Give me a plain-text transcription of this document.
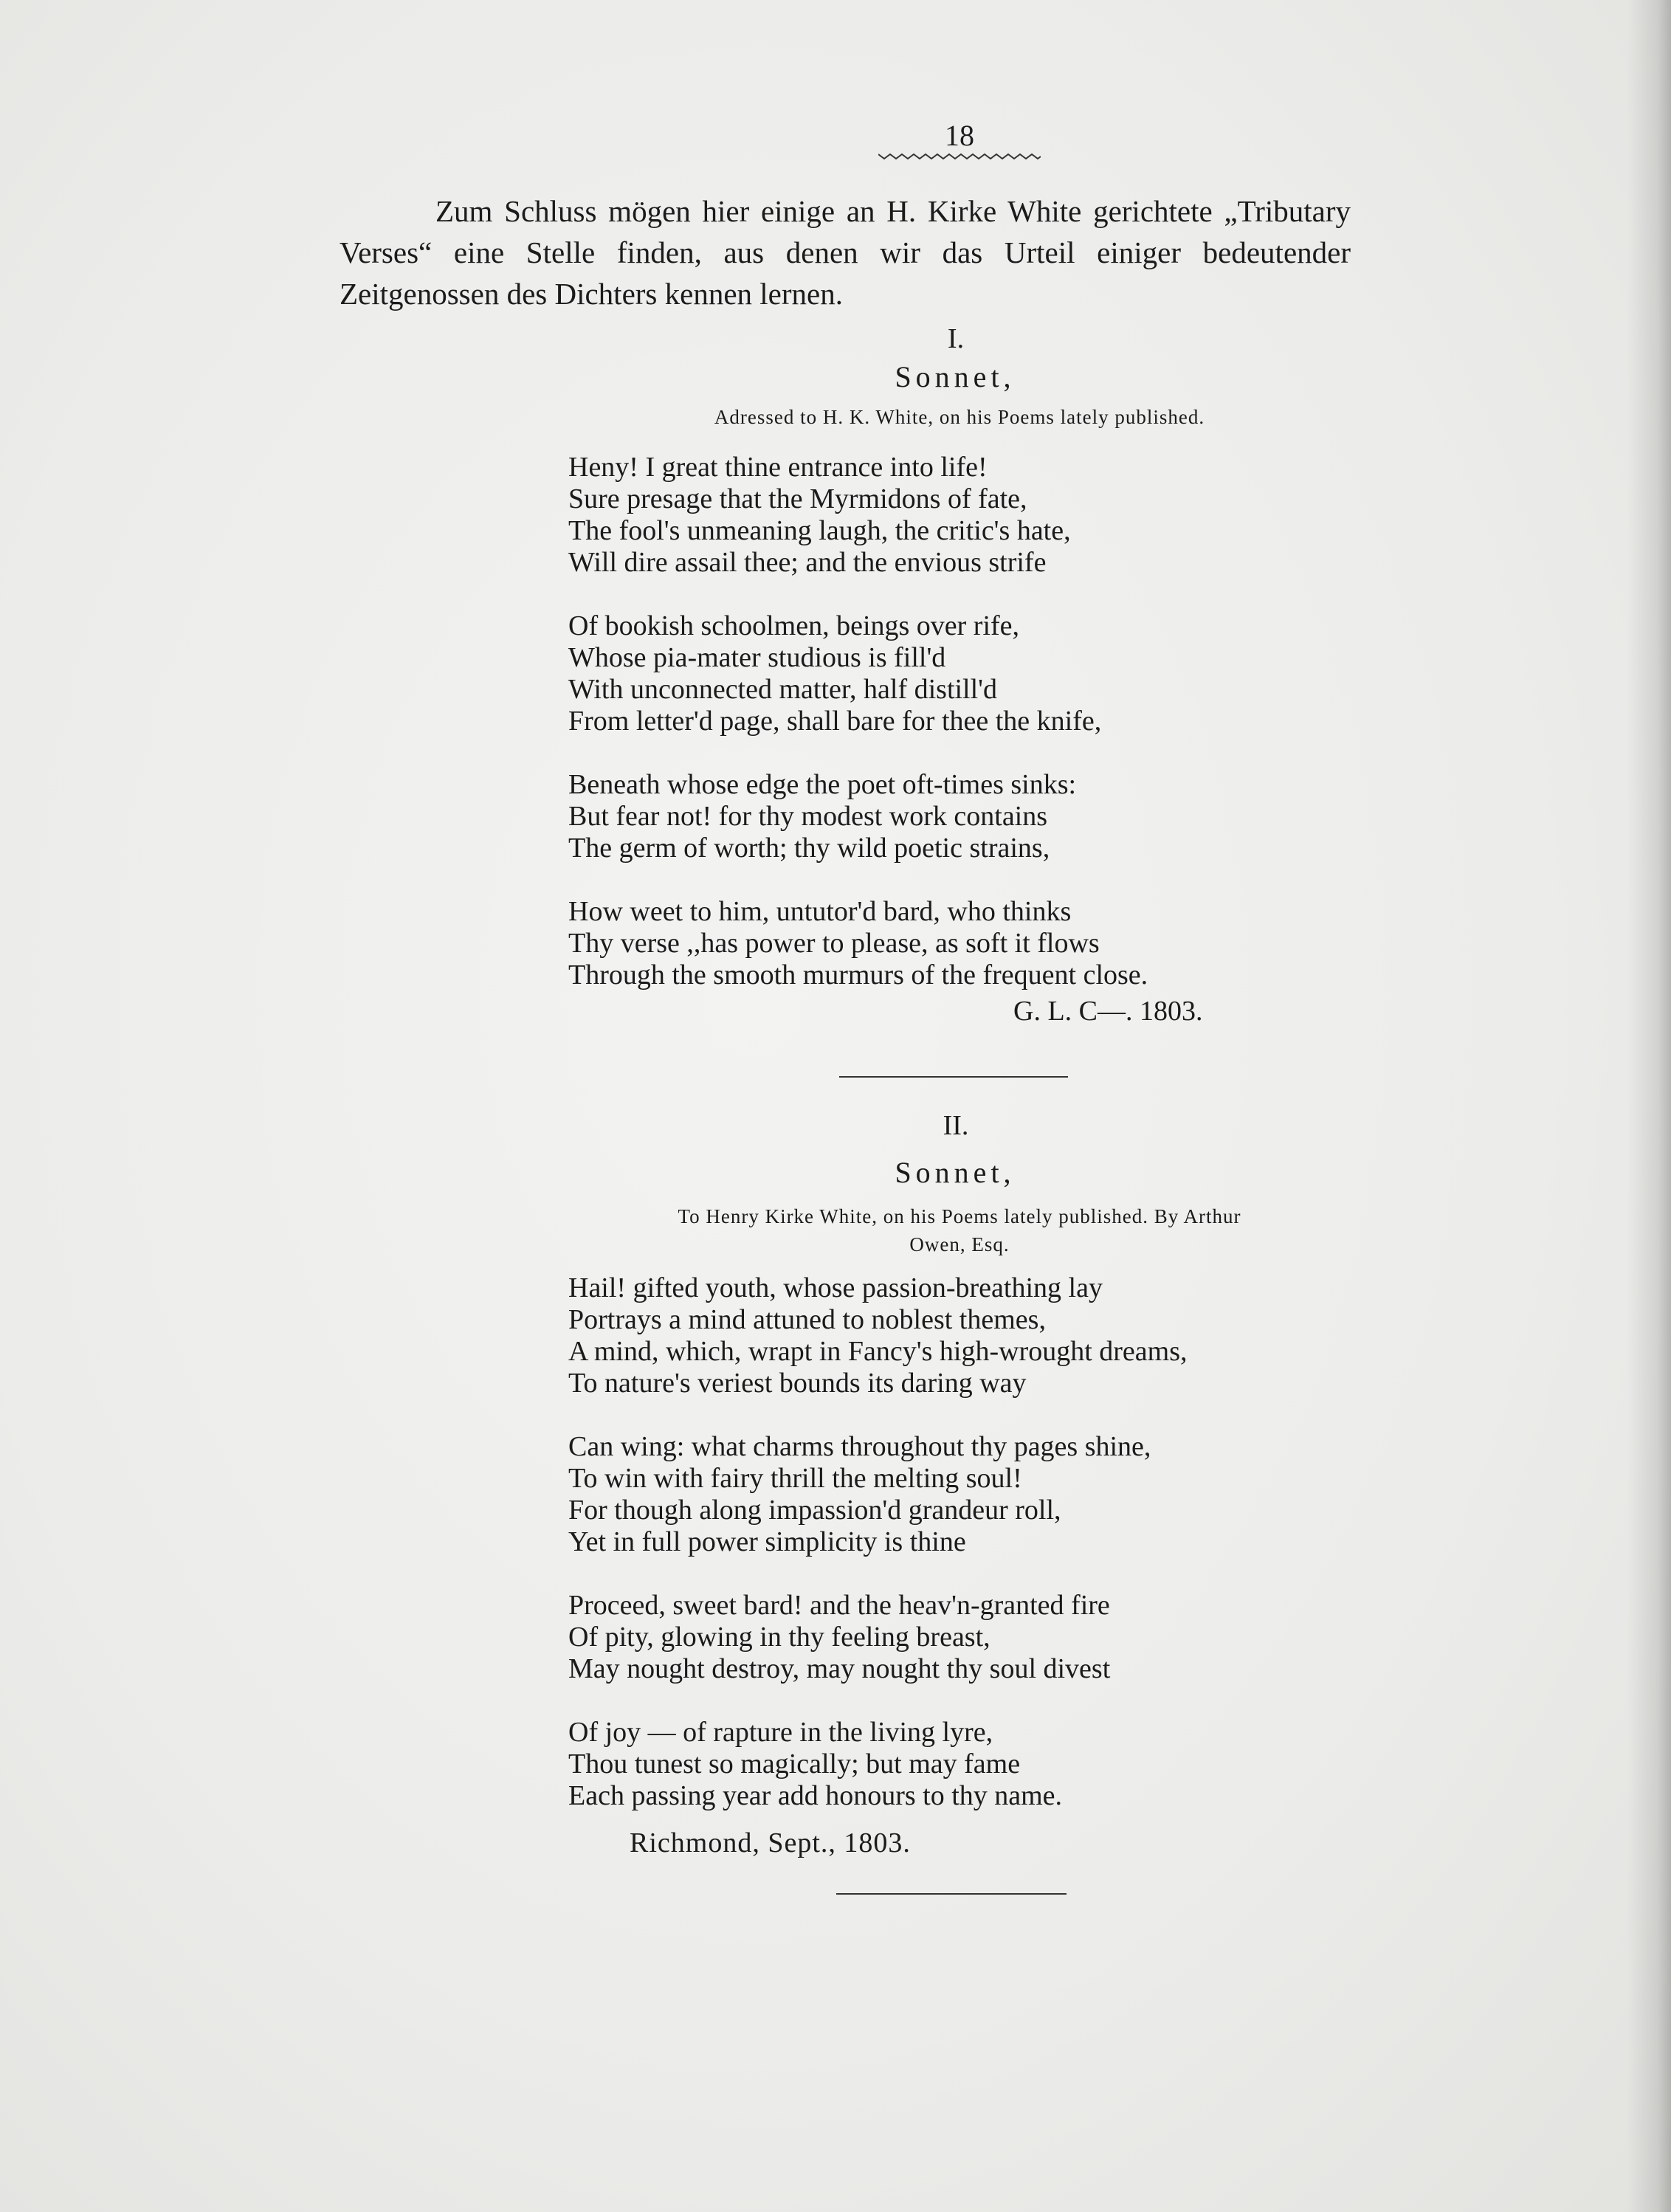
18

Zum Schluss mögen hier einige an H. Kirke White gerichtete „Tributary Verses“ eine Stelle finden, aus denen wir das Urteil einiger bedeutender Zeitgenossen des Dichters kennen lernen.

I.
Sonnet,
Adressed to H. K. White, on his Poems lately published.
Heny! I great thine entrance into life!
Sure presage that the Myrmidons of fate,
The fool's unmeaning laugh, the critic's hate,
Will dire assail thee; and the envious strife
Of bookish schoolmen, beings over rife,
Whose pia-mater studious is fill'd
With unconnected matter, half distill'd
From letter'd page, shall bare for thee the knife,
Beneath whose edge the poet oft-times sinks:
But fear not! for thy modest work contains
The germ of worth; thy wild poetic strains,
How weet to him, untutor'd bard, who thinks
Thy verse ,,has power to please, as soft it flows
Through the smooth murmurs of the frequent close.
G. L. C—. 1803.
II.
Sonnet,
To Henry Kirke White, on his Poems lately published. By Arthur
Owen, Esq.
Hail! gifted youth, whose passion-breathing lay
Portrays a mind attuned to noblest themes,
A mind, which, wrapt in Fancy's high-wrought dreams,
To nature's veriest bounds its daring way
Can wing: what charms throughout thy pages shine,
To win with fairy thrill the melting soul!
For though along impassion'd grandeur roll,
Yet in full power simplicity is thine
Proceed, sweet bard! and the heav'n-granted fire
Of pity, glowing in thy feeling breast,
May nought destroy, may nought thy soul divest
Of joy — of rapture in the living lyre,
Thou tunest so magically; but may fame
Each passing year add honours to thy name.
Richmond, Sept., 1803.
